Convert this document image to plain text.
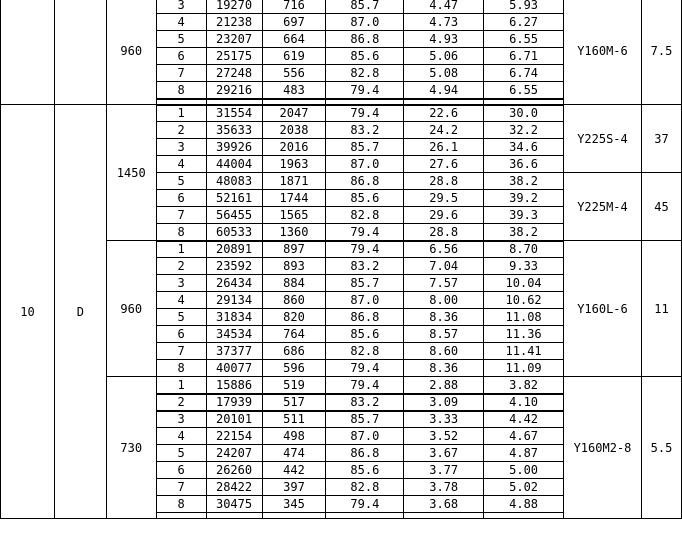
		960	3	19270	716	85.7	4.47	5.93	Y160M-6	7.5
			4	21238	697	87.0	4.73	6.27		
			5	23207	664	86.8	4.93	6.55		
			6	25175	619	85.6	5.06	6.71		
			7	27248	556	82.8	5.08	6.74		
			8	29216	483	79.4	4.94	6.55		

10	D	1450	1	31554	2047	79.4	22.6	30.0	Y225S-4	37
			2	35633	2038	83.2	24.2	32.2		
			3	39926	2016	85.7	26.1	34.6		
			4	44004	1963	87.0	27.6	36.6		
			5	48083	1871	86.8	28.8	38.2	Y225M-4	45
			6	52161	1744	85.6	29.5	39.2		
			7	56455	1565	82.8	29.6	39.3		
			8	60533	1360	79.4	28.8	38.2		
		960	1	20891	897	79.4	6.56	8.70	Y160L-6	11
			2	23592	893	83.2	7.04	9.33		
			3	26434	884	85.7	7.57	10.04		
			4	29134	860	87.0	8.00	10.62		
			5	31834	820	86.8	8.36	11.08		
			6	34534	764	85.6	8.57	11.36		
			7	37377	686	82.8	8.60	11.41		
			8	40077	596	79.4	8.36	11.09		
		730	1	15886	519	79.4	2.88	3.82	Y160M2-8	5.5
			2	17939	517	83.2	3.09	4.10		
			3	20101	511	85.7	3.33	4.42		
			4	22154	498	87.0	3.52	4.67		
			5	24207	474	86.8	3.67	4.87		
			6	26260	442	85.6	3.77	5.00		
			7	28422	397	82.8	3.78	5.02		
			8	30475	345	79.4	3.68	4.88		
